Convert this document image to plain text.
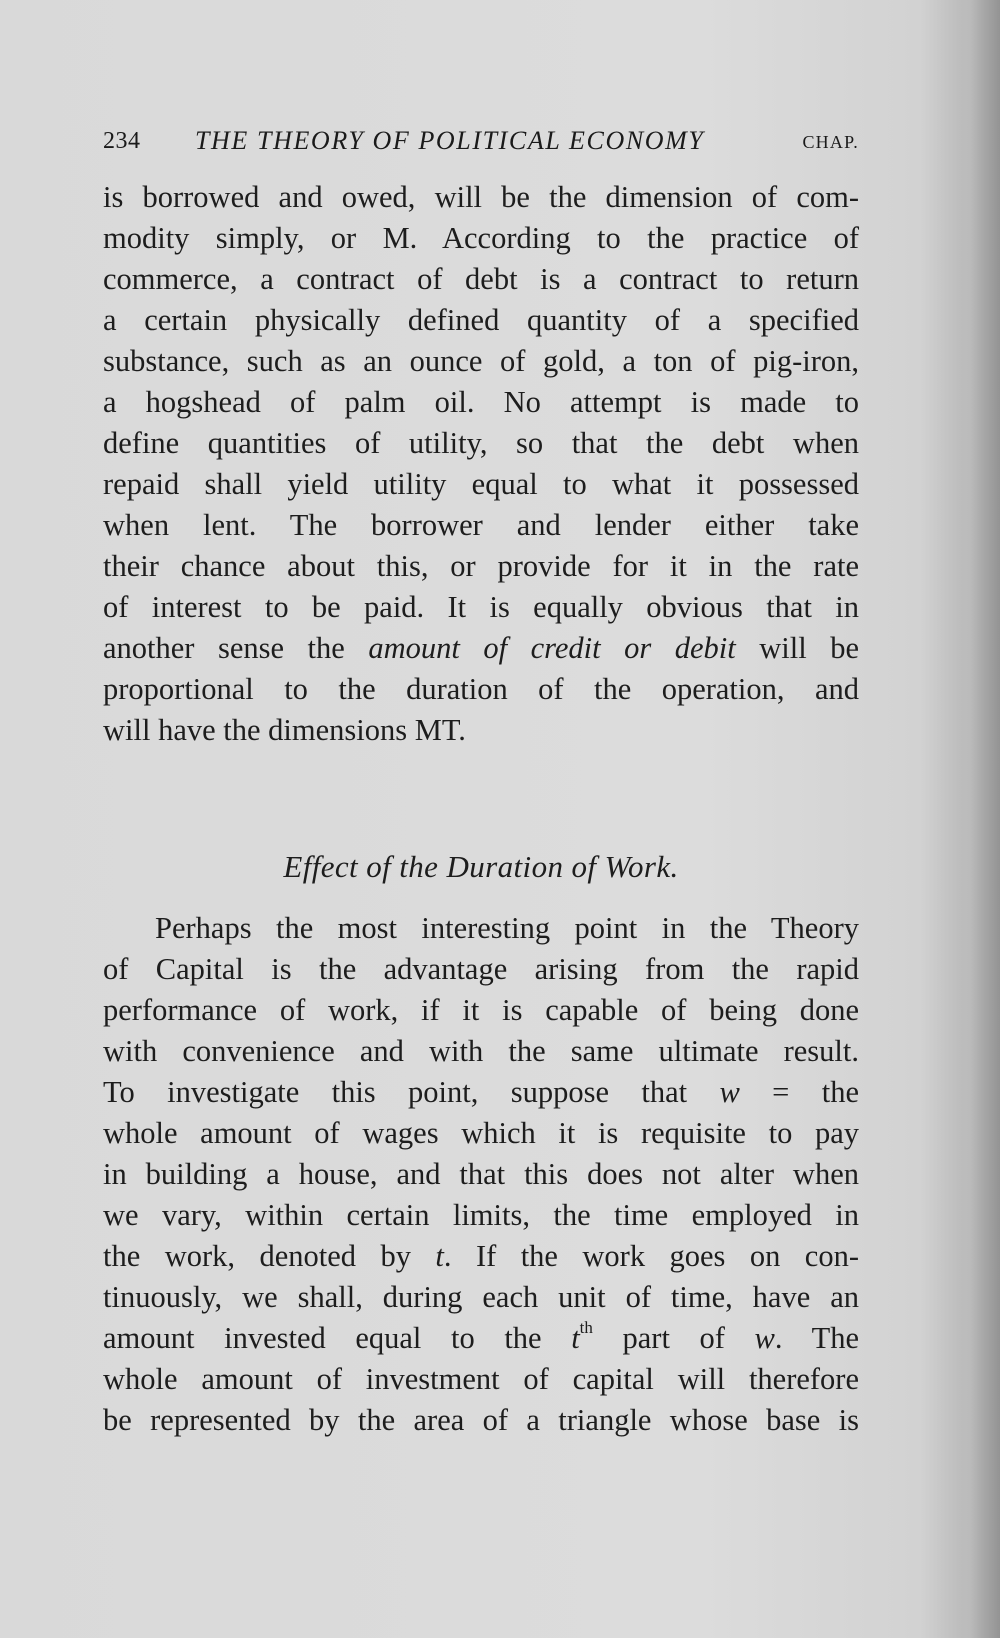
234 THE THEORY OF POLITICAL ECONOMY	CHAP.
is borrowed and owed, will be the dimension of com-
modity simply, or M. According to the practice of
commerce, a contract of debt is a contract to return
a certain physically defined quantity of a specified
substance, such as an ounce of gold, a ton of pig-iron,
a hogshead of palm oil. No attempt is made to
define quantities of utility, so that the debt when
repaid shall yield utility equal to what it possessed
when lent. The borrower and lender either take
their chance about this, or provide for it in the rate
of interest to be paid. It is equally obvious that in
another sense the amount of credit or debit will be
proportional to the duration of the operation, and
will have the dimensions MT.
Effect of the Duration of Work.
Perhaps the most interesting point in the Theory
of Capital is the advantage arising from the rapid
performance of work, if it is capable of being done
with convenience and with the same ultimate result.
To investigate this point, suppose that w = the
whole amount of wages which it is requisite to pay
in building a house, and that this does not alter when
we vary, within certain limits, the time employed in
the work, denoted by t. If the work goes on con-
tinuously, we shall, during each unit of time, have an
amount invested equal to the $t^{th}$ part of w. The
whole amount of investment of capital will therefore
be represented by the area of a triangle whose base is
